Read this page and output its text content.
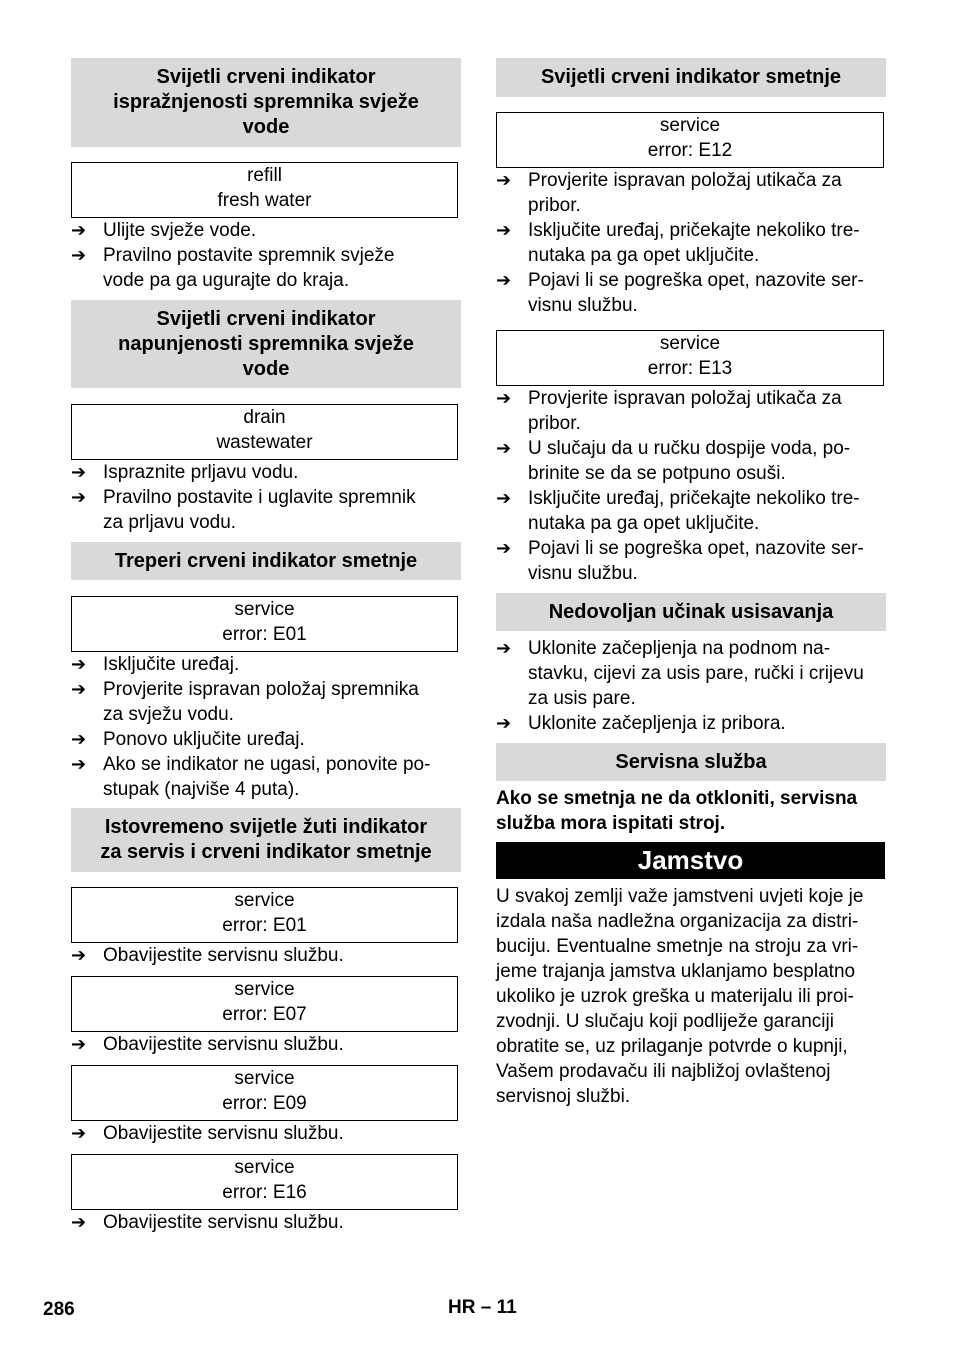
Svijetli crveni indikator
ispražnjenosti spremnika svježe
vode
refill
fresh water
➔ Ulijte svježe vode.
➔ Pravilno postavite spremnik svježe
vode pa ga ugurajte do kraja.
Svijetli crveni indikator
napunjenosti spremnika svježe
vode
drain
wastewater
➔ Ispraznite prljavu vodu.
➔ Pravilno postavite i uglavite spremnik
za prljavu vodu.
Treperi crveni indikator smetnje
service
error: E01
➔ Isključite uređaj.
➔ Provjerite ispravan položaj spremnika
za svježu vodu.
➔ Ponovo uključite uređaj.
➔ Ako se indikator ne ugasi, ponovite po-
stupak (najviše 4 puta).
Istovremeno svijetle žuti indikator
za servis i crveni indikator smetnje
service
error: E01
➔ Obavijestite servisnu službu.
service
error: E07
➔ Obavijestite servisnu službu.
service
error: E09
➔ Obavijestite servisnu službu.
service
error: E16
➔ Obavijestite servisnu službu.
Svijetli crveni indikator smetnje
service
error: E12
➔ Provjerite ispravan položaj utikača za
pribor.
➔ Isključite uređaj, pričekajte nekoliko tre-
nutaka pa ga opet uključite.
➔ Pojavi li se pogreška opet, nazovite ser-
visnu službu.
service
error: E13
➔ Provjerite ispravan položaj utikača za
pribor.
➔ U slučaju da u ručku dospije voda, po-
brinite se da se potpuno osuši.
➔ Isključite uređaj, pričekajte nekoliko tre-
nutaka pa ga opet uključite.
➔ Pojavi li se pogreška opet, nazovite ser-
visnu službu.
Nedovoljan učinak usisavanja
➔ Uklonite začepljenja na podnom na-
stavku, cijevi za usis pare, ručki i crijevu
za usis pare.
➔ Uklonite začepljenja iz pribora.
Servisna služba
Ako se smetnja ne da otkloniti, servisna
služba mora ispitati stroj.
Jamstvo
U svakoj zemlji važe jamstveni uvjeti koje je
izdala naša nadležna organizacija za distri-
buciju. Eventualne smetnje na stroju za vri-
jeme trajanja jamstva uklanjamo besplatno
ukoliko je uzrok greška u materijalu ili proi-
zvodnji. U slučaju koji podliježe garanciji
obratite se, uz prilaganje potvrde o kupnji,
Vašem prodavaču ili najbližoj ovlaštenoj
servisnoj službi.
286	HR – 11
